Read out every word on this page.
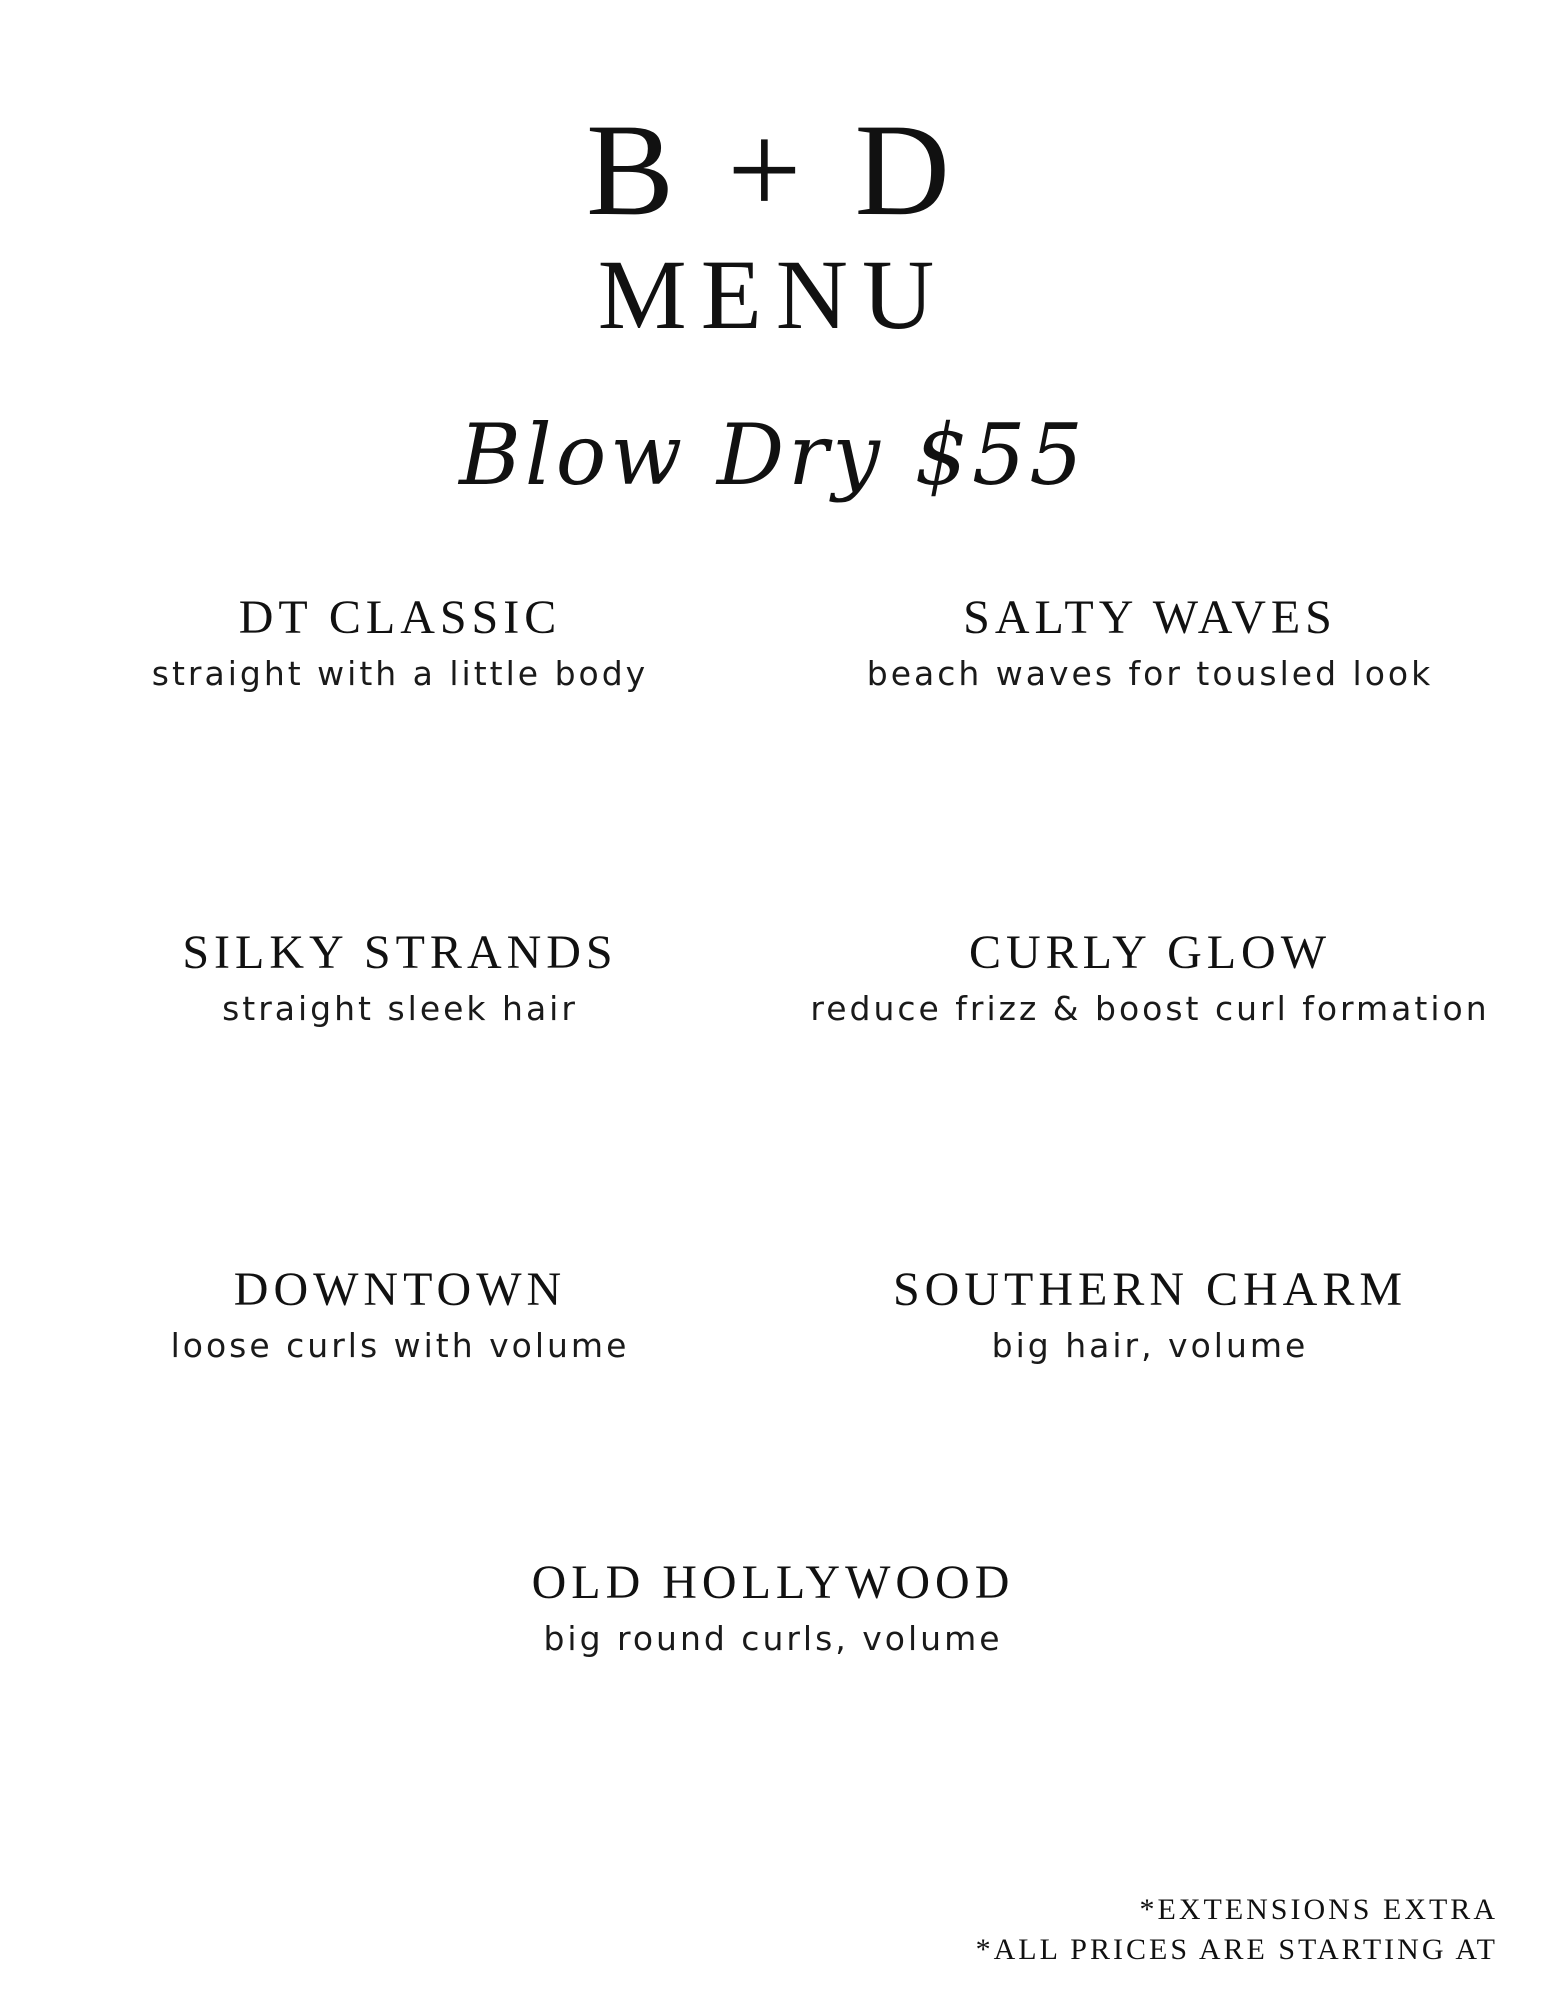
B + D
MENU
Blow Dry $55
DT CLASSIC
straight with a little body
SALTY WAVES
beach waves for tousled look
SILKY STRANDS
straight sleek hair
CURLY GLOW
reduce frizz & boost curl formation
DOWNTOWN
loose curls with volume
SOUTHERN CHARM
big hair, volume
OLD HOLLYWOOD
big round curls, volume
*EXTENSIONS EXTRA
*ALL PRICES ARE STARTING AT
